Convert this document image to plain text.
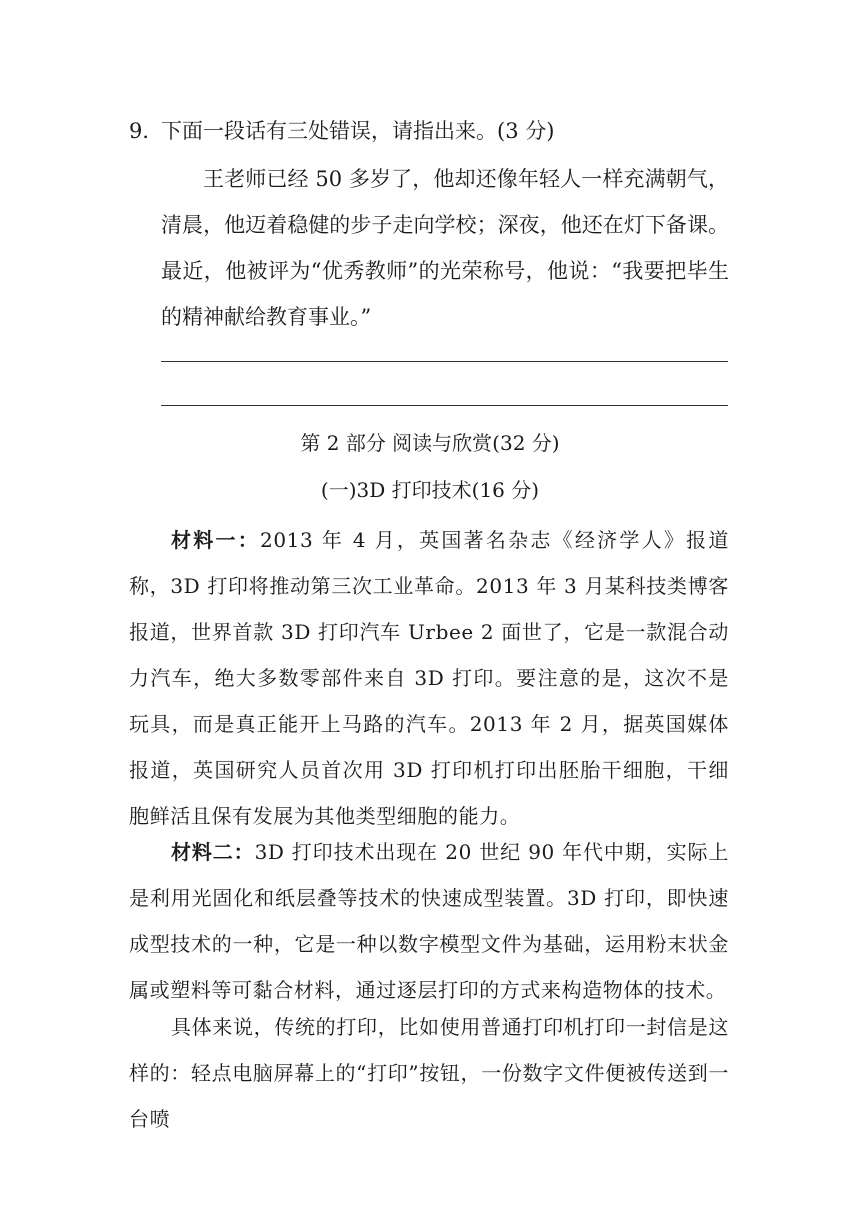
9．
下面一段话有三处错误，请指出来。(3 分)

王老师已经 50 多岁了，他却还像年轻人一样充满朝气，清晨，他迈着稳健的步子走向学校；深夜，他还在灯下备课。最近，他被评为“优秀教师”的光荣称号，他说：“我要把毕生的精神献给教育事业。”

第 2 部分 阅读与欣赏(32 分)
(一)3D 打印技术(16 分)

材料一：2013 年 4 月，英国著名杂志《经济学人》报道称，3D 打印将推动第三次工业革命。2013 年 3 月某科技类博客报道，世界首款 3D 打印汽车 Urbee 2 面世了，它是一款混合动力汽车，绝大多数零部件来自 3D 打印。要注意的是，这次不是玩具，而是真正能开上马路的汽车。2013 年 2 月，据英国媒体报道，英国研究人员首次用 3D 打印机打印出胚胎干细胞，干细胞鲜活且保有发展为其他类型细胞的能力。

材料二：3D 打印技术出现在 20 世纪 90 年代中期，实际上是利用光固化和纸层叠等技术的快速成型装置。3D 打印，即快速成型技术的一种，它是一种以数字模型文件为基础，运用粉末状金属或塑料等可黏合材料，通过逐层打印的方式来构造物体的技术。

具体来说，传统的打印，比如使用普通打印机打印一封信是这样的：轻点电脑屏幕上的“打印”按钮，一份数字文件便被传送到一台喷
